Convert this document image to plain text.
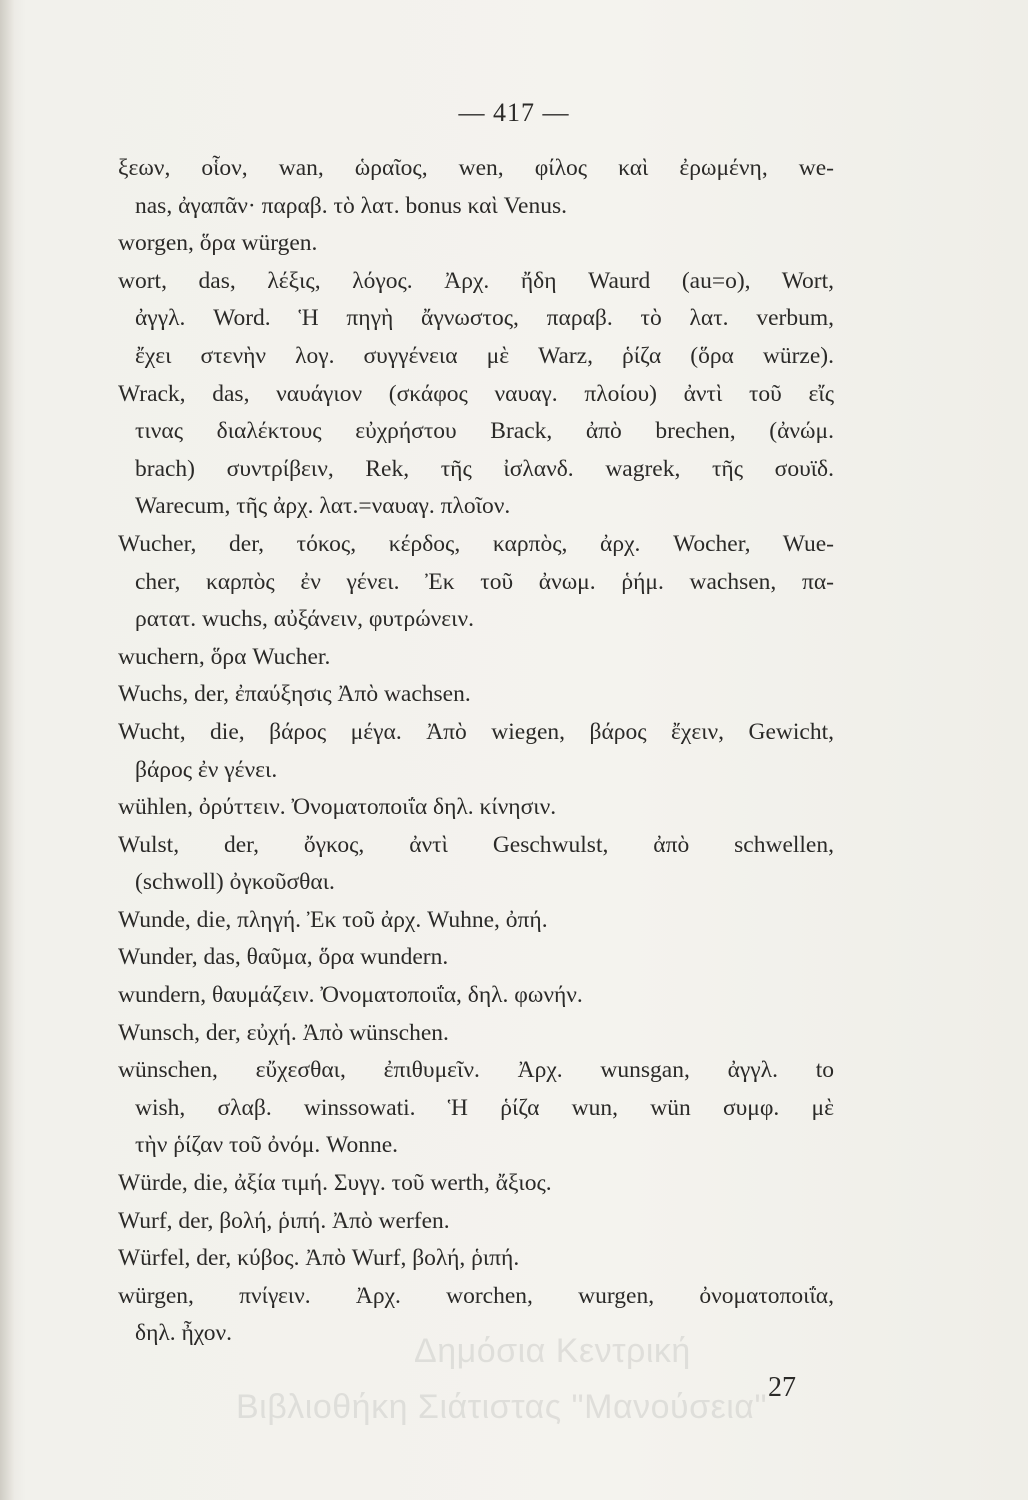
— 417 —
ξεων, οἷον, wan, ὡραῖος, wen, φίλος καὶ ἐρωμένη, we-
nas, ἀγαπᾶν· παραβ. τὸ λατ. bonus καὶ Venus.
worgen, ὅρα würgen.
wort, das, λέξις, λόγος. Ἀρχ. ἤδη Waurd (au=o), Wort,
ἀγγλ. Word. Ἡ πηγὴ ἄγνωστος, παραβ. τὸ λατ. verbum,
ἔχει στενὴν λογ. συγγένεια μὲ Warz, ῥίζα (ὅρα würze).
Wrack, das, ναυάγιον (σκάφος ναυαγ. πλοίου) ἀντὶ τοῦ εἴς
τινας διαλέκτους εὐχρήστου Brack, ἀπὸ brechen, (ἀνώμ.
brach) συντρίβειν, Rek, τῆς ἰσλανδ. wagrek, τῆς σουϊδ.
Warecum, τῆς ἀρχ. λατ.=ναυαγ. πλοῖον.
Wucher, der, τόκος, κέρδος, καρπὸς, ἀρχ. Wocher, Wue-
cher, καρπὸς ἐν γένει. Ἐκ τοῦ ἀνωμ. ῥήμ. wachsen, πα-
ρατατ. wuchs, αὐξάνειν, φυτρώνειν.
wuchern, ὅρα Wucher.
Wuchs, der, ἐπαύξησις Ἀπὸ wachsen.
Wucht, die, βάρος μέγα. Ἀπὸ wiegen, βάρος ἔχειν, Gewicht,
βάρος ἐν γένει.
wühlen, ὀρύττειν. Ὀνοματοποιΐα δηλ. κίνησιν.
Wulst, der, ὄγκος, ἀντὶ Geschwulst, ἀπὸ schwellen,
(schwoll) ὀγκοῦσθαι.
Wunde, die, πληγή. Ἐκ τοῦ ἀρχ. Wuhne, ὀπή.
Wunder, das, θαῦμα, ὅρα wundern.
wundern, θαυμάζειν. Ὀνοματοποιΐα, δηλ. φωνήν.
Wunsch, der, εὐχή. Ἀπὸ wünschen.
wünschen, εὔχεσθαι, ἐπιθυμεῖν. Ἀρχ. wunsgan, ἀγγλ. to
wish, σλαβ. winssowati. Ἡ ῥίζα wun, wün συμφ. μὲ
τὴν ῥίζαν τοῦ ὀνόμ. Wonne.
Würde, die, ἀξία τιμή. Συγγ. τοῦ werth, ἄξιος.
Wurf, der, βολή, ῥιπή. Ἀπὸ werfen.
Würfel, der, κύβος. Ἀπὸ Wurf, βολή, ῥιπή.
würgen, πνίγειν. Ἀρχ. worchen, wurgen, ὀνοματοποιΐα,
δηλ. ἦχον.	Δημόσια Κεντρική
Βιβλιοθήκη Σιάτιστας "Μανούσεια"
27
